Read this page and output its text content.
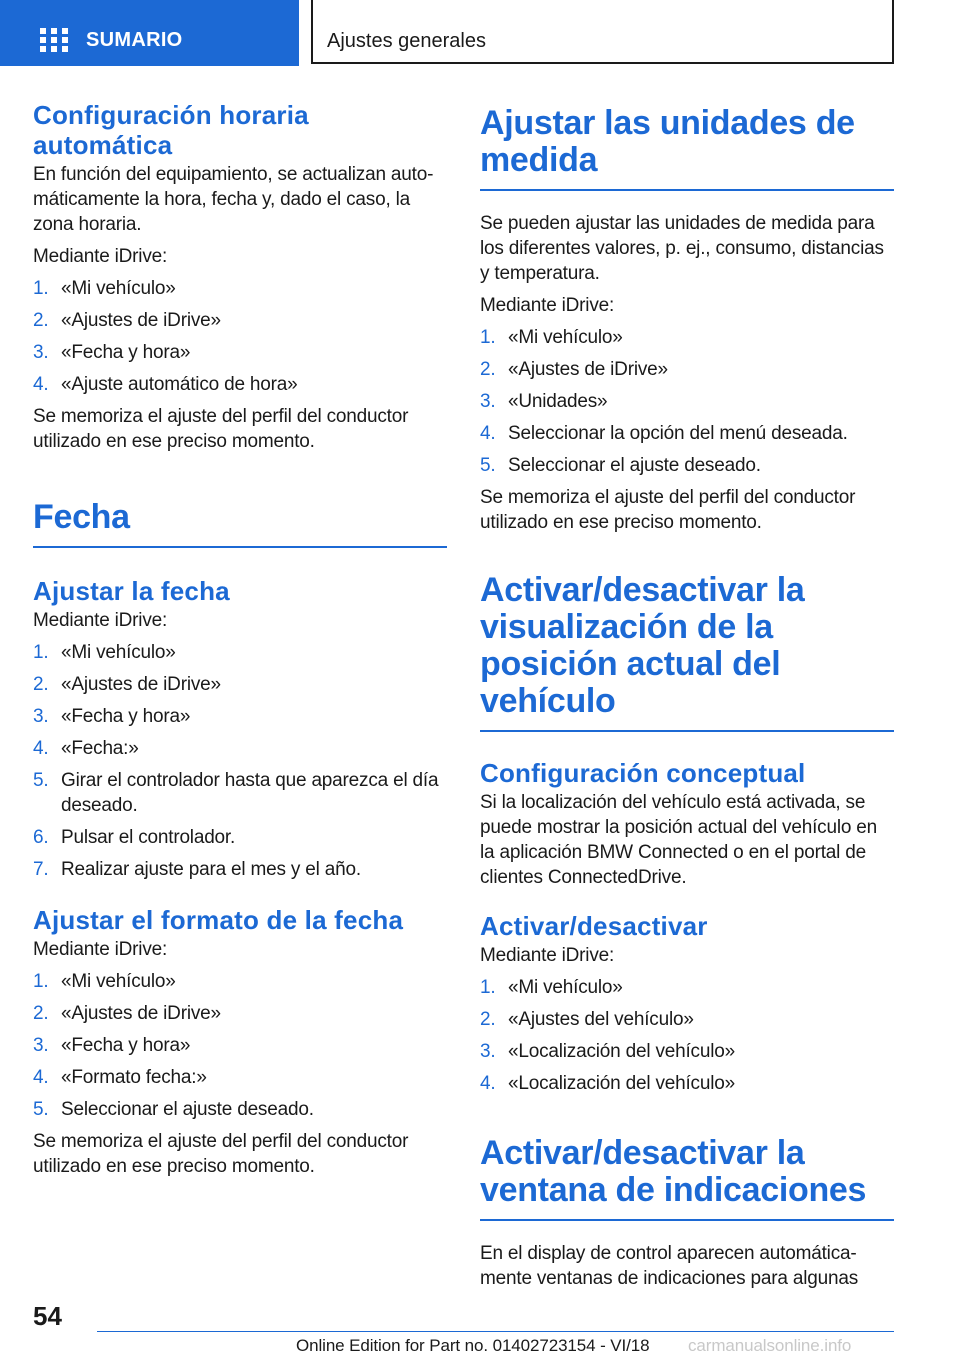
SUMARIO	Ajustes generales
Configuración horaria automática

En función del equipamiento, se actualizan automáticamente la hora, fecha y, dado el caso, la zona horaria.

Mediante iDrive:

1. «Mi vehículo»
2. «Ajustes de iDrive»
3. «Fecha y hora»
4. «Ajuste automático de hora»

Se memoriza el ajuste del perfil del conductor utilizado en ese preciso momento.

Fecha
Ajustar la fecha

Mediante iDrive:

1. «Mi vehículo»
2. «Ajustes de iDrive»
3. «Fecha y hora»
4. «Fecha:»
5. Girar el controlador hasta que aparezca el día deseado.
6. Pulsar el controlador.
7. Realizar ajuste para el mes y el año.
Ajustar el formato de la fecha

Mediante iDrive:

1. «Mi vehículo»
2. «Ajustes de iDrive»
3. «Fecha y hora»
4. «Formato fecha:»
5. Seleccionar el ajuste deseado.

Se memoriza el ajuste del perfil del conductor utilizado en ese preciso momento.

Ajustar las unidades de medida

Se pueden ajustar las unidades de medida para los diferentes valores, p. ej., consumo, distancias y temperatura.

Mediante iDrive:

1. «Mi vehículo»
2. «Ajustes de iDrive»
3. «Unidades»
4. Seleccionar la opción del menú deseada.
5. Seleccionar el ajuste deseado.

Se memoriza el ajuste del perfil del conductor utilizado en ese preciso momento.

Activar/desactivar la visualización de la posición actual del vehículo
Configuración conceptual

Si la localización del vehículo está activada, se puede mostrar la posición actual del vehículo en la aplicación BMW Connected o en el portal de clientes ConnectedDrive.

Activar/desactivar

Mediante iDrive:

1. «Mi vehículo»
2. «Ajustes del vehículo»
3. «Localización del vehículo»
4. «Localización del vehículo»
Activar/desactivar la ventana de indicaciones

En el display de control aparecen automáticamente ventanas de indicaciones para algunas

54
Online Edition for Part no. 01402723154 - VI/18 carmanualsonline.info
